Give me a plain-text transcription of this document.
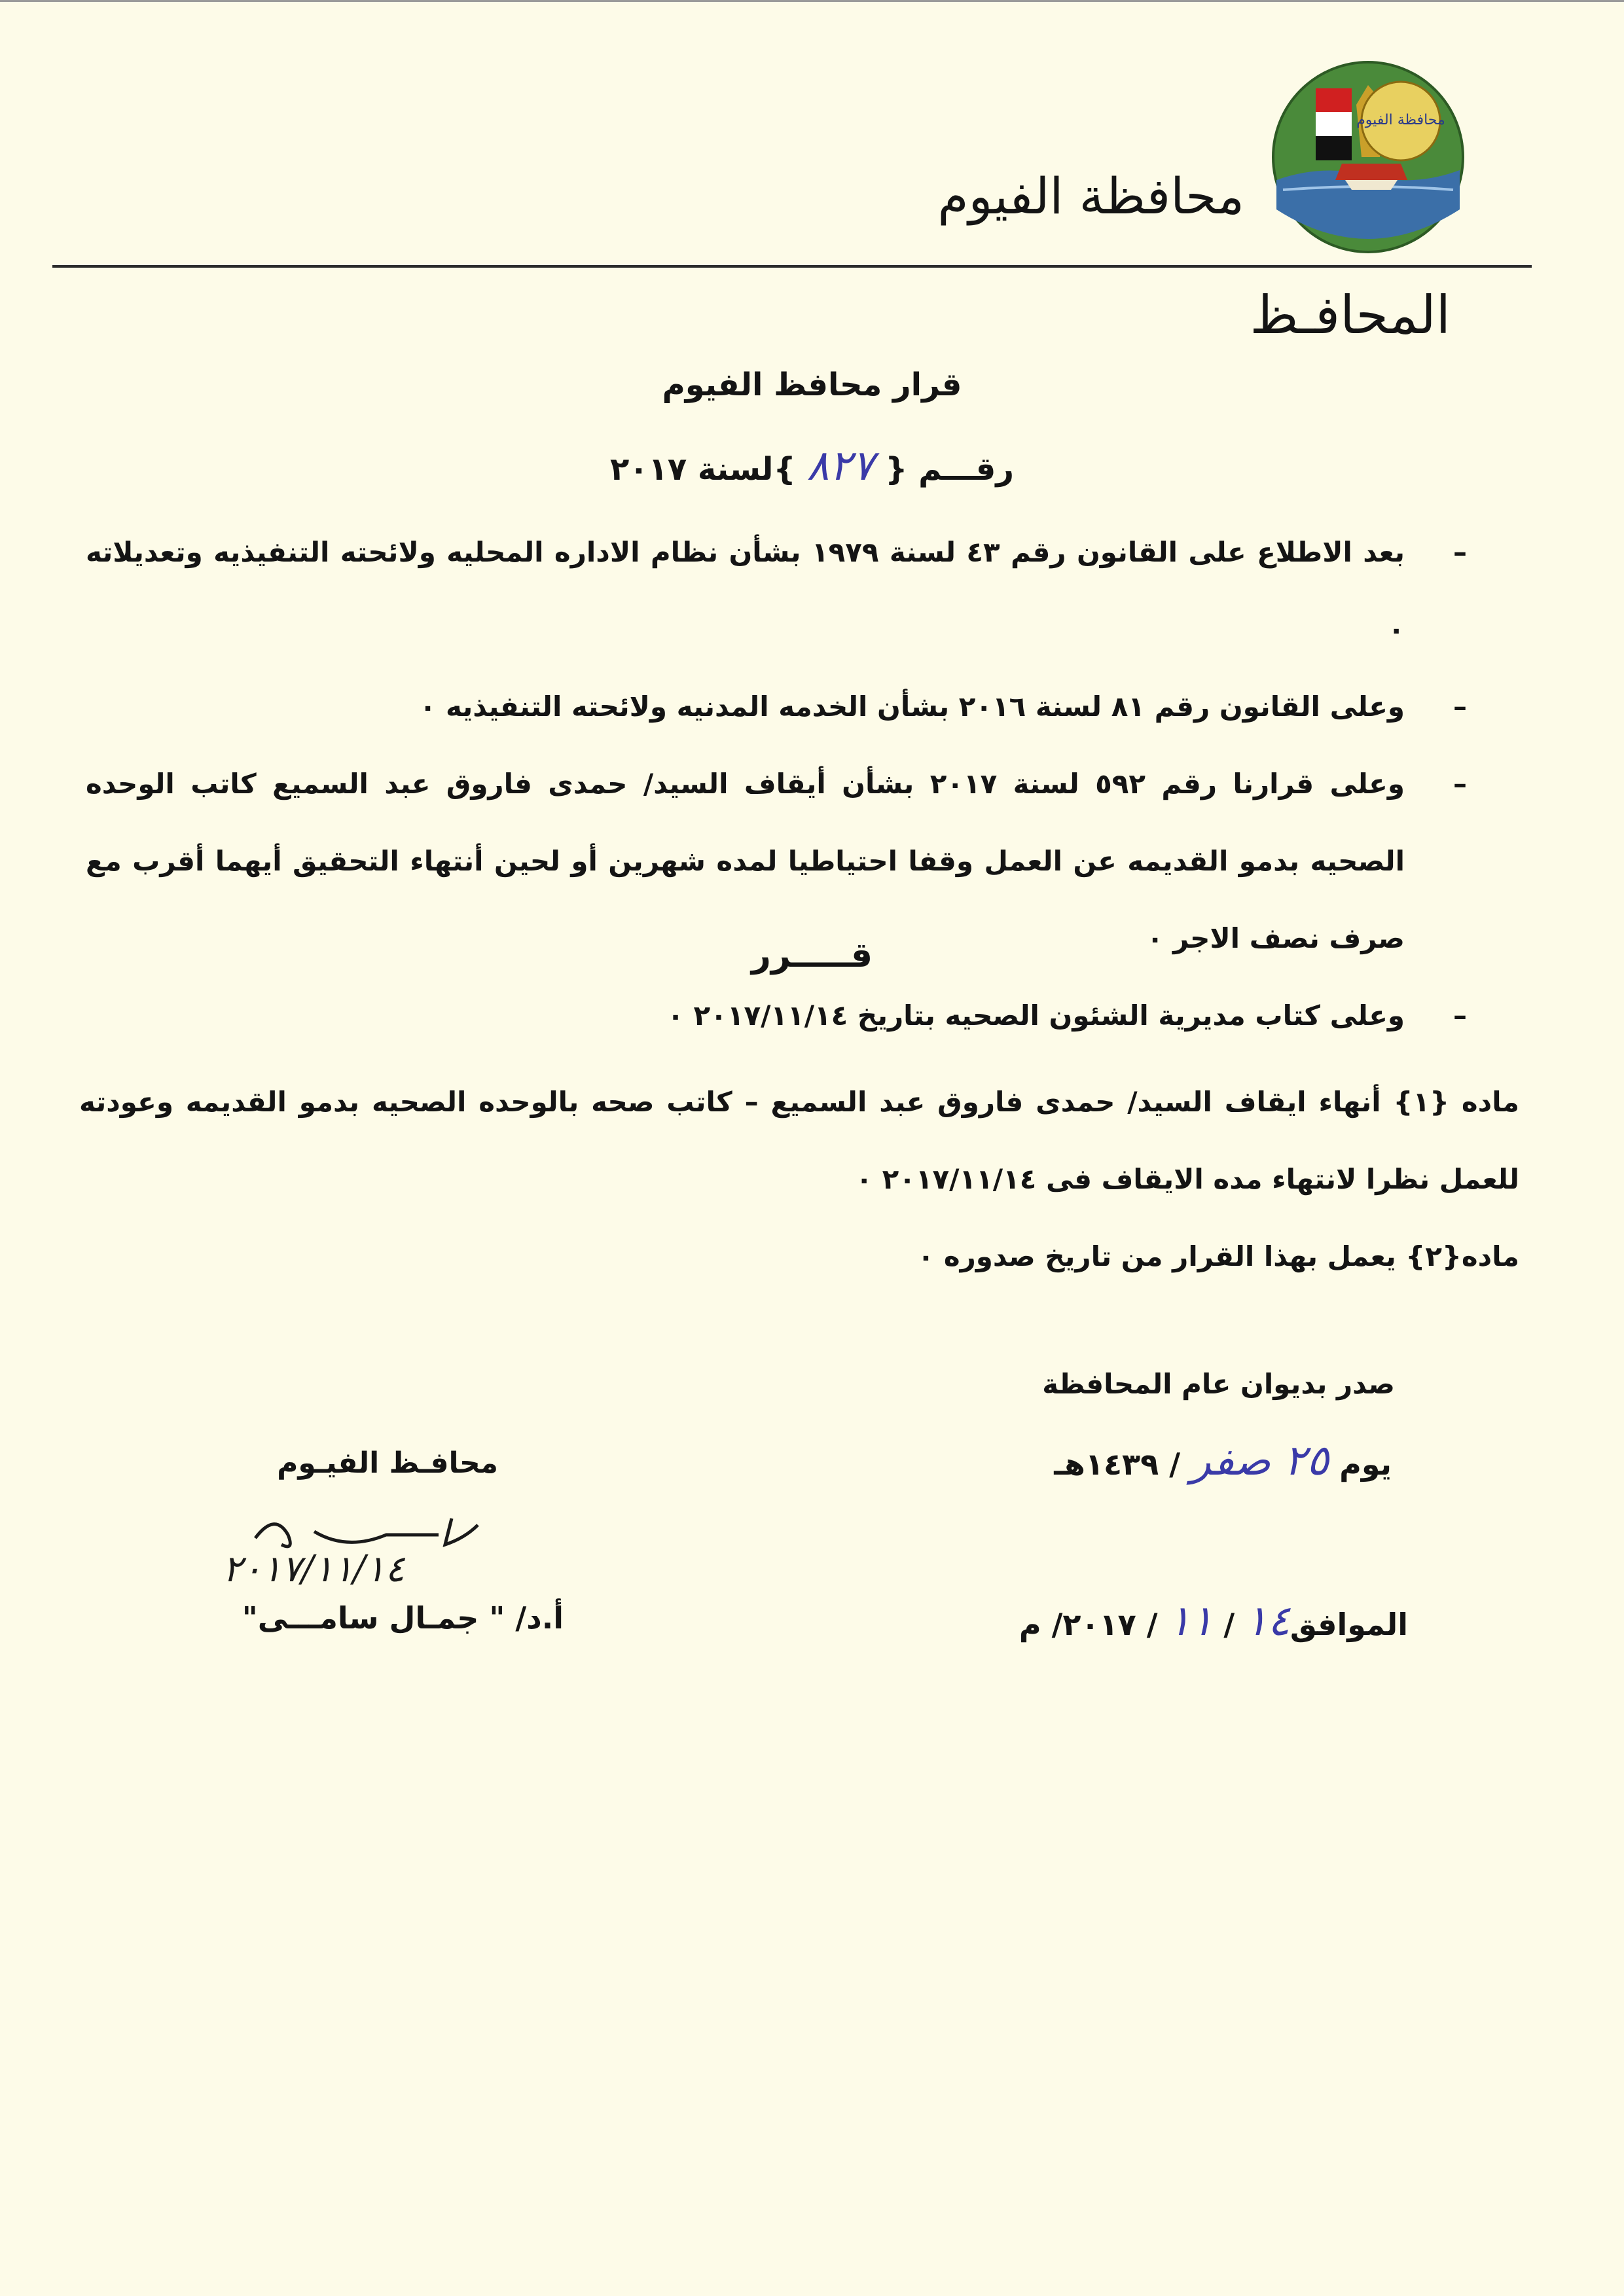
محافظة الفيوم
محافظة الفيوم
المحافـظ
قرار محافظ الفيوم
رقـــم { ٨٢٧ }لسنة ٢٠١٧
–
بعد الاطلاع على القانون رقم ٤٣ لسنة ١٩٧٩ بشأن نظام الاداره المحليه ولائحته التنفيذيه وتعديلاته ٠
–
وعلى القانون رقم ٨١ لسنة ٢٠١٦ بشأن الخدمه المدنيه ولائحته التنفيذيه ٠
–
وعلى قرارنا رقم ٥٩٢ لسنة ٢٠١٧ بشأن أيقاف السيد/ حمدى فاروق عبد السميع كاتب الوحده الصحيه بدمو القديمه عن العمل وقفا احتياطيا لمده شهرين أو لحين أنتهاء التحقيق أيهما أقرب مع صرف نصف الاجر ٠
–
وعلى كتاب مديرية الشئون الصحيه بتاريخ ٢٠١٧/١١/١٤ ٠
قـــــرر
ماده {١} أنهاء ايقاف السيد/ حمدى فاروق عبد السميع – كاتب صحه بالوحده الصحيه بدمو القديمه وعودته للعمل نظرا لانتهاء مده الايقاف فى ٢٠١٧/١١/١٤ ٠
ماده{٢} يعمل بهذا القرار من تاريخ صدوره ٠
صدر بديوان عام المحافظة
يوم ٢٥ صفر / ١٤٣٩هـ
الموافق١٤ / ١١ / ٢٠١٧/ م
محافـظ الفيـوم
٢٠١٧/١١/١٤
أ.د/ " جمـال سامـــى"
